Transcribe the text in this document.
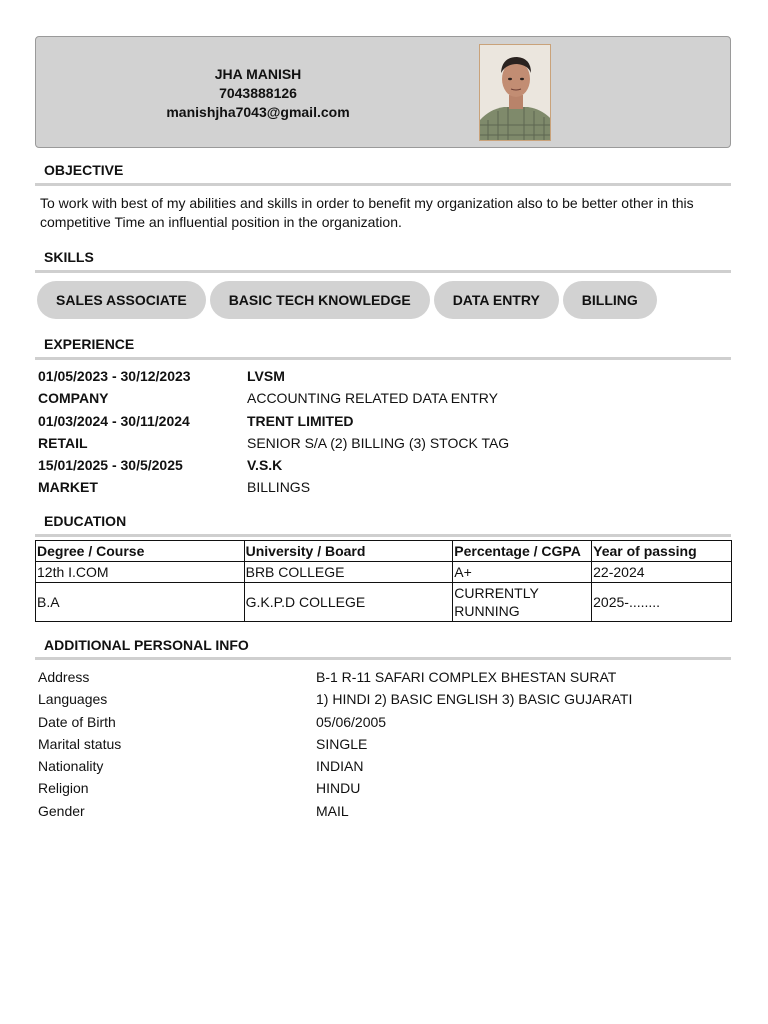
JHA MANISH
7043888126
manishjha7043@gmail.com
OBJECTIVE
To work with best of my abilities and skills in order to benefit my organization also to be better other in this competitive Time an influential position in the organization.
SKILLS
SALES ASSOCIATE	BASIC TECH KNOWLEDGE	DATA ENTRY	BILLING
EXPERIENCE
01/05/2023 - 30/12/2023	LVSM
COMPANY	ACCOUNTING RELATED DATA ENTRY
01/03/2024 - 30/11/2024	TRENT LIMITED
RETAIL	SENIOR S/A (2) BILLING (3) STOCK TAG
15/01/2025 - 30/5/2025	V.S.K
MARKET	BILLINGS
EDUCATION
Degree / Course	University / Board	Percentage / CGPA	Year of passing
12th I.COM	BRB COLLEGE	A+	22-2024
B.A	G.K.P.D COLLEGE	CURRENTLY RUNNING	2025-........
ADDITIONAL PERSONAL INFO
Address	B-1 R-11 SAFARI COMPLEX BHESTAN SURAT
Languages	1) HINDI 2) BASIC ENGLISH 3) BASIC GUJARATI
Date of Birth	05/06/2005
Marital status	SINGLE
Nationality	INDIAN
Religion	HINDU
Gender	MAIL
